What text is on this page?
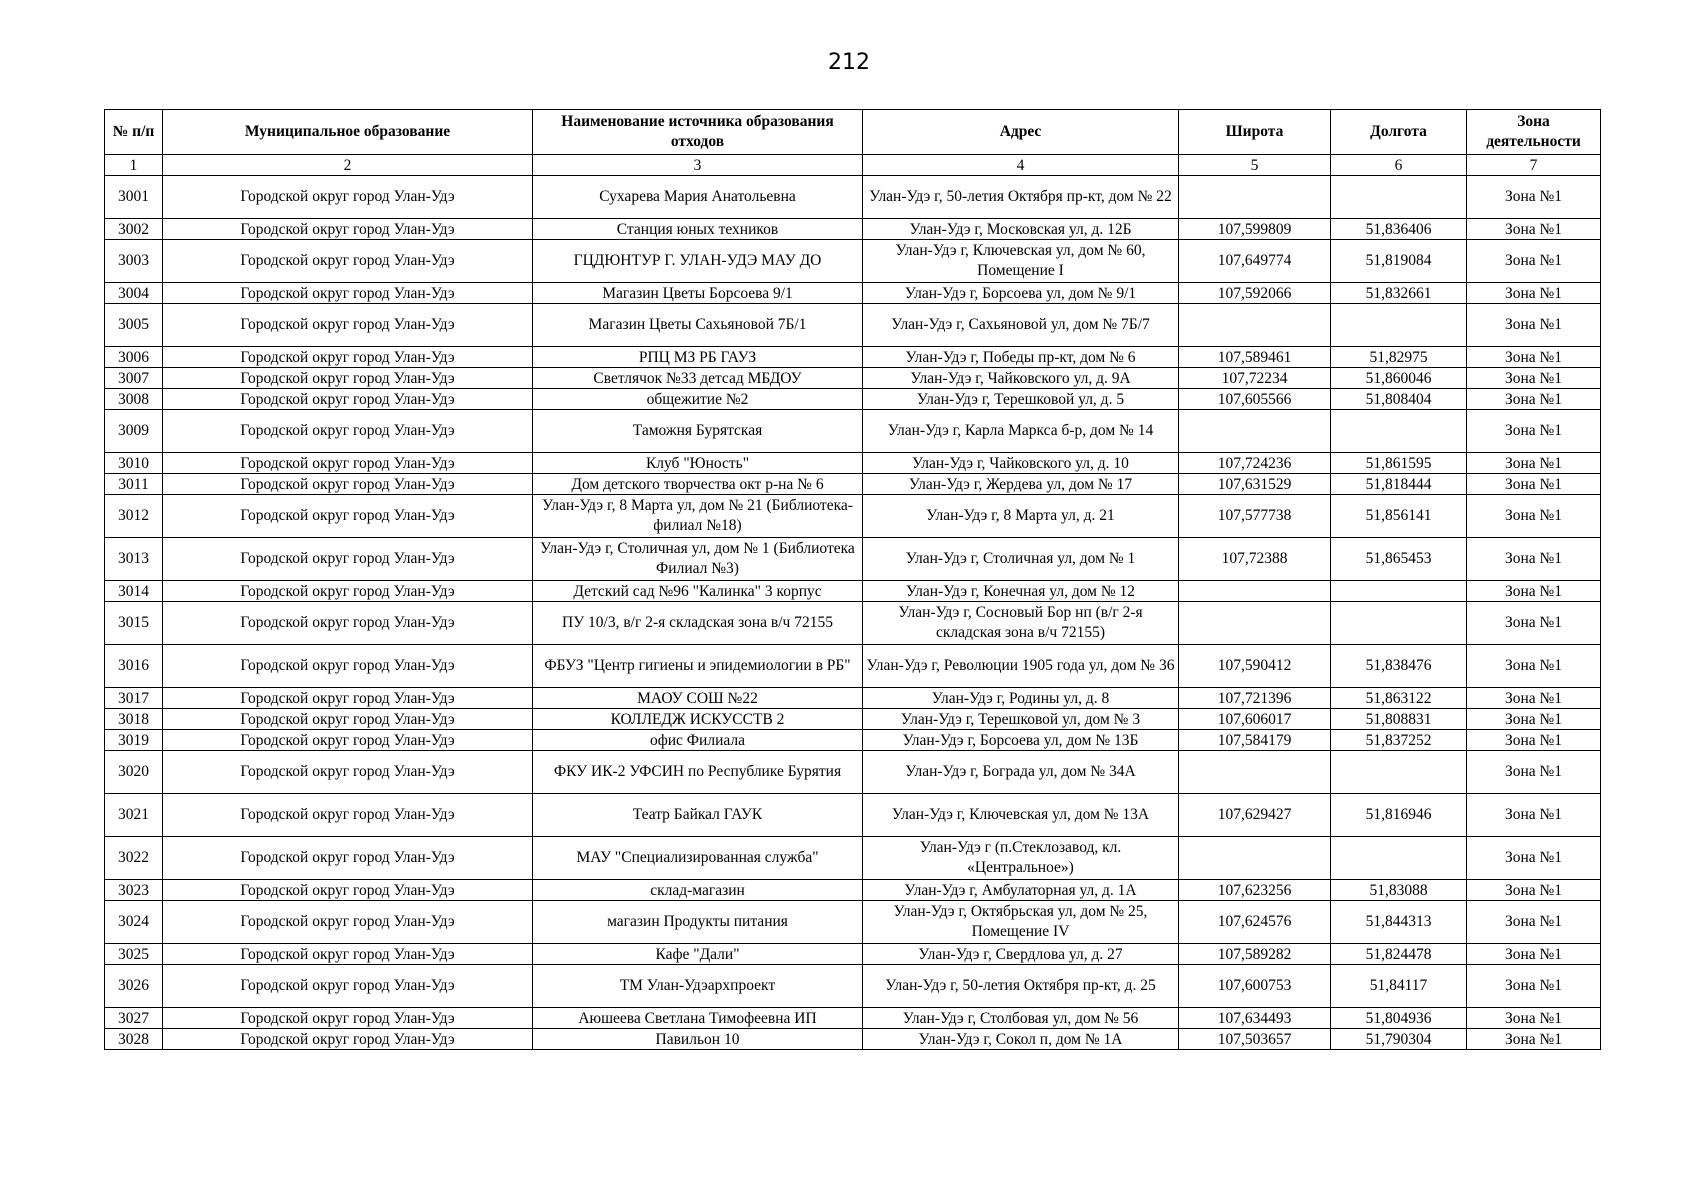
212
№ п/п	Муниципальное образование	Наименование источника образования отходов	Адрес	Широта	Долгота	Зона деятельности
1	2	3	4	5	6	7
3001	Городской округ город Улан-Удэ	Сухарева Мария Анатольевна	Улан-Удэ г, 50-летия Октября пр-кт, дом № 22			Зона №1
3002	Городской округ город Улан-Удэ	Станция юных техников	Улан-Удэ г, Московская ул, д. 12Б	107,599809	51,836406	Зона №1
3003	Городской округ город Улан-Удэ	ГЦДЮНТУР Г. УЛАН-УДЭ МАУ ДО	Улан-Удэ г, Ключевская ул, дом № 60, Помещение I	107,649774	51,819084	Зона №1
3004	Городской округ город Улан-Удэ	Магазин Цветы Борсоева 9/1	Улан-Удэ г, Борсоева ул, дом № 9/1	107,592066	51,832661	Зона №1
3005	Городской округ город Улан-Удэ	Магазин Цветы Сахьяновой 7Б/1	Улан-Удэ г, Сахьяновой ул, дом № 7Б/7			Зона №1
3006	Городской округ город Улан-Удэ	РПЦ МЗ РБ ГАУЗ	Улан-Удэ г, Победы пр-кт, дом № 6	107,589461	51,82975	Зона №1
3007	Городской округ город Улан-Удэ	Светлячок №33 детсад МБДОУ	Улан-Удэ г, Чайковского ул, д. 9А	107,72234	51,860046	Зона №1
3008	Городской округ город Улан-Удэ	общежитие №2	Улан-Удэ г, Терешковой ул, д. 5	107,605566	51,808404	Зона №1
3009	Городской округ город Улан-Удэ	Таможня Бурятская	Улан-Удэ г, Карла Маркса б-р, дом № 14			Зона №1
3010	Городской округ город Улан-Удэ	Клуб "Юность"	Улан-Удэ г, Чайковского ул, д. 10	107,724236	51,861595	Зона №1
3011	Городской округ город Улан-Удэ	Дом детского творчества окт р-на № 6	Улан-Удэ г, Жердева ул, дом № 17	107,631529	51,818444	Зона №1
3012	Городской округ город Улан-Удэ	Улан-Удэ г, 8 Марта ул, дом № 21 (Библиотека-филиал №18)	Улан-Удэ г, 8 Марта ул, д. 21	107,577738	51,856141	Зона №1
3013	Городской округ город Улан-Удэ	Улан-Удэ г, Столичная ул, дом № 1 (Библиотека Филиал №3)	Улан-Удэ г, Столичная ул, дом № 1	107,72388	51,865453	Зона №1
3014	Городской округ город Улан-Удэ	Детский сад №96 "Калинка" 3 корпус	Улан-Удэ г, Конечная ул, дом № 12			Зона №1
3015	Городской округ город Улан-Удэ	ПУ 10/3, в/г 2-я складская зона в/ч 72155	Улан-Удэ г, Сосновый Бор нп (в/г 2-я складская зона в/ч 72155)			Зона №1
3016	Городской округ город Улан-Удэ	ФБУЗ "Центр гигиены и эпидемиологии в РБ"	Улан-Удэ г, Революции 1905 года ул, дом № 36	107,590412	51,838476	Зона №1
3017	Городской округ город Улан-Удэ	МАОУ СОШ №22	Улан-Удэ г, Родины ул, д. 8	107,721396	51,863122	Зона №1
3018	Городской округ город Улан-Удэ	КОЛЛЕДЖ ИСКУССТВ 2	Улан-Удэ г, Терешковой ул, дом № 3	107,606017	51,808831	Зона №1
3019	Городской округ город Улан-Удэ	офис Филиала	Улан-Удэ г, Борсоева ул, дом № 13Б	107,584179	51,837252	Зона №1
3020	Городской округ город Улан-Удэ	ФКУ ИК-2 УФСИН по Республике Бурятия	Улан-Удэ г, Бограда ул, дом № 34А			Зона №1
3021	Городской округ город Улан-Удэ	Театр Байкал ГАУК	Улан-Удэ г, Ключевская ул, дом № 13А	107,629427	51,816946	Зона №1
3022	Городской округ город Улан-Удэ	МАУ "Специализированная служба"	Улан-Удэ г (п.Стеклозавод, кл. «Центральное»)			Зона №1
3023	Городской округ город Улан-Удэ	склад-магазин	Улан-Удэ г, Амбулаторная ул, д. 1А	107,623256	51,83088	Зона №1
3024	Городской округ город Улан-Удэ	магазин Продукты питания	Улан-Удэ г, Октябрьская ул, дом № 25, Помещение IV	107,624576	51,844313	Зона №1
3025	Городской округ город Улан-Удэ	Кафе "Дали"	Улан-Удэ г, Свердлова ул, д. 27	107,589282	51,824478	Зона №1
3026	Городской округ город Улан-Удэ	ТМ Улан-Удэархпроект	Улан-Удэ г, 50-летия Октября пр-кт, д. 25	107,600753	51,84117	Зона №1
3027	Городской округ город Улан-Удэ	Аюшеева Светлана Тимофеевна ИП	Улан-Удэ г, Столбовая ул, дом № 56	107,634493	51,804936	Зона №1
3028	Городской округ город Улан-Удэ	Павильон 10	Улан-Удэ г, Сокол п, дом № 1А	107,503657	51,790304	Зона №1
